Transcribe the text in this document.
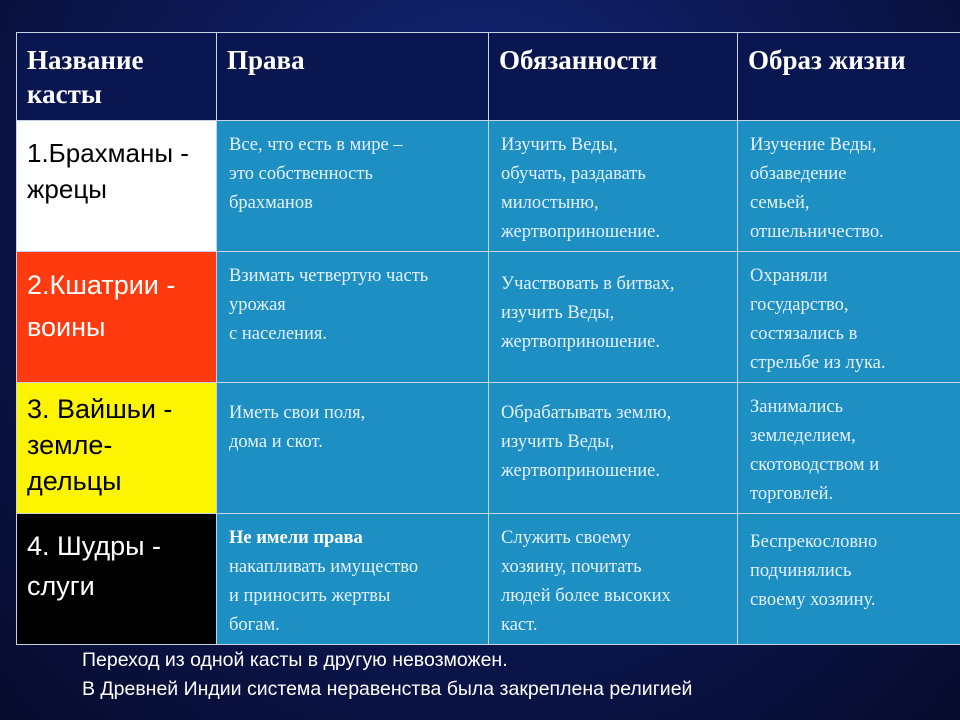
Название касты	Права	Обязанности	Образ жизни

1.Брахманы -
жрецы	Все, что есть в мире –
это собственность
брахманов	Изучить Веды,
обучать, раздавать
милостыню,
жертвоприношение.	Изучение Веды,
обзаведение
семьей,
отшельничество.

2.Кшатрии -
воины	Взимать четвертую часть
урожая
с населения.	Участвовать в битвах,
изучить Веды,
жертвоприношение.	Охраняли
государство,
состязались в
стрельбе из лука.

3. Вайшьи -
земле-
дельцы	Иметь свои поля,
дома и скот.	Обрабатывать землю,
изучить Веды,
жертвоприношение.	Занимались
земледелием,
скотоводством и
торговлей.

4. Шудры -
слуги	Не имели права
накапливать имущество
и приносить жертвы
богам.	Служить своему
хозяину, почитать
людей более высоких
каст.	Беспрекословно
подчинялись
своему хозяину.
Переход из одной касты в другую невозможен.
В Древней Индии система неравенства была закреплена религией
